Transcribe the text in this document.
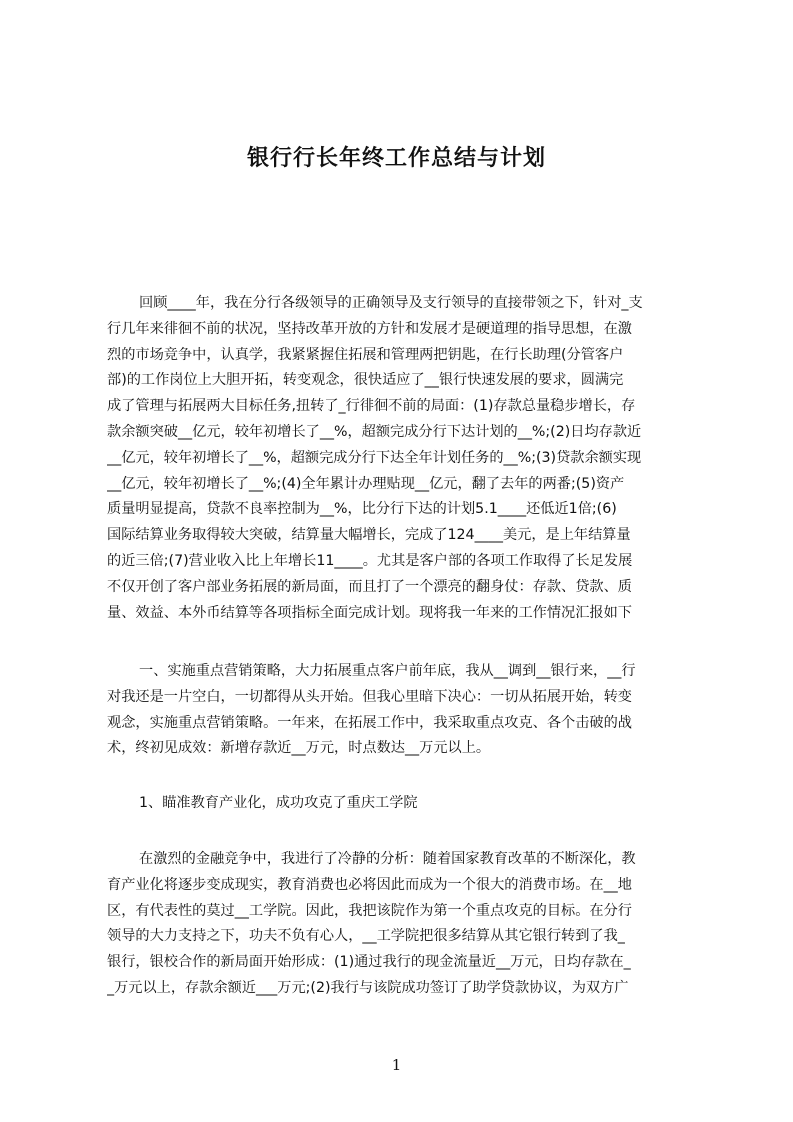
银行行长年终工作总结与计划
回顾____年，我在分行各级领导的正确领导及支行领导的直接带领之下，针对_支
行几年来徘徊不前的状况，坚持改革开放的方针和发展才是硬道理的指导思想，在激
烈的市场竞争中，认真学，我紧紧握住拓展和管理两把钥匙，在行长助理(分管客户
部)的工作岗位上大胆开拓，转变观念，很快适应了__银行快速发展的要求，圆满完
成了管理与拓展两大目标任务,扭转了_行徘徊不前的局面：(1)存款总量稳步增长，存
款余额突破__亿元，较年初增长了__%，超额完成分行下达计划的__%;(2)日均存款近
__亿元，较年初增长了__%，超额完成分行下达全年计划任务的__%;(3)贷款余额实现
__亿元，较年初增长了__%;(4)全年累计办理贴现__亿元，翻了去年的两番;(5)资产
质量明显提高，贷款不良率控制为__%，比分行下达的计划5.1____还低近1倍;(6)
国际结算业务取得较大突破，结算量大幅增长，完成了124____美元，是上年结算量
的近三倍;(7)营业收入比上年增长11____。尤其是客户部的各项工作取得了长足发展
不仅开创了客户部业务拓展的新局面，而且打了一个漂亮的翻身仗：存款、贷款、质
量、效益、本外币结算等各项指标全面完成计划。现将我一年来的工作情况汇报如下
一、实施重点营销策略，大力拓展重点客户前年底，我从__调到__银行来，__行
对我还是一片空白，一切都得从头开始。但我心里暗下决心：一切从拓展开始，转变
观念，实施重点营销策略。一年来，在拓展工作中，我采取重点攻克、各个击破的战
术，终初见成效：新增存款近__万元，时点数达__万元以上。
1、瞄准教育产业化，成功攻克了重庆工学院
在激烈的金融竞争中，我进行了冷静的分析：随着国家教育改革的不断深化，教
育产业化将逐步变成现实，教育消费也必将因此而成为一个很大的消费市场。在__地
区，有代表性的莫过__工学院。因此，我把该院作为第一个重点攻克的目标。在分行
领导的大力支持之下，功夫不负有心人，__工学院把很多结算从其它银行转到了我_
银行，银校合作的新局面开始形成：(1)通过我行的现金流量近__万元，日均存款在_
_万元以上，存款余额近___万元;(2)我行与该院成功签订了助学贷款协议，为双方广

1
